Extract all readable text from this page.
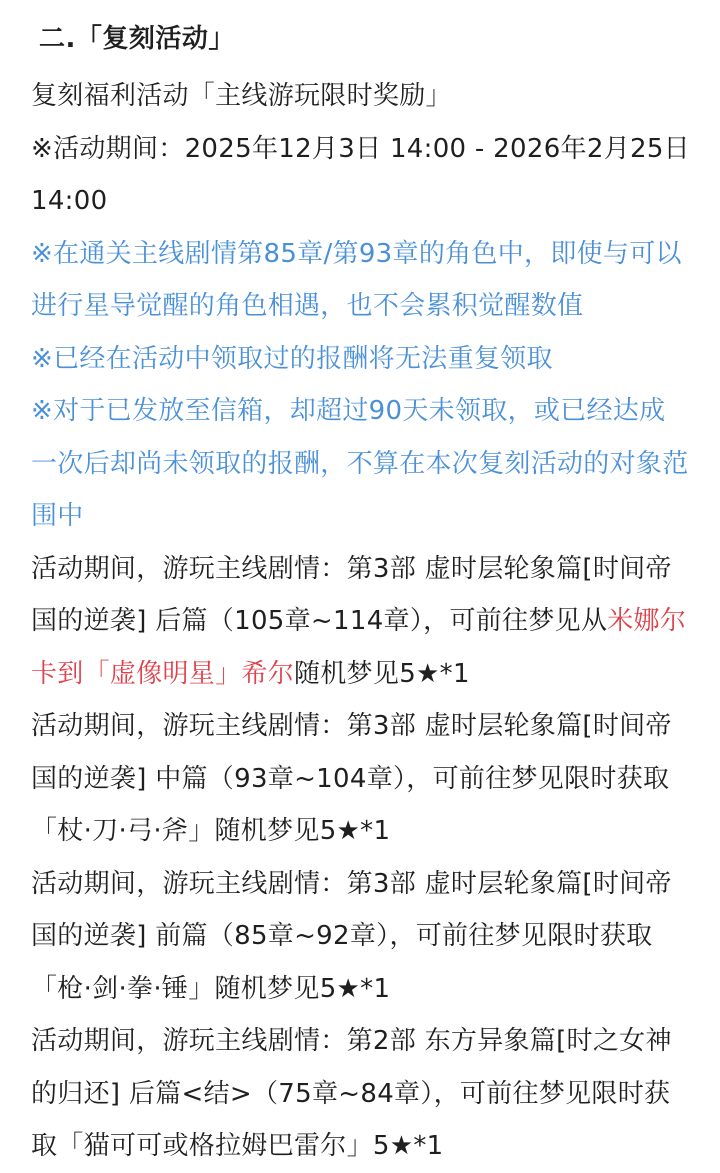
二.「复刻活动」

复刻福利活动「主线游玩限时奖励」

※活动期间：2025年12月3日 14:00 - 2026年2月25日 14:00

※在通关主线剧情第85章/第93章的角色中，即使与可以进行星导觉醒的角色相遇，也不会累积觉醒数值

※已经在活动中领取过的报酬将无法重复领取

※对于已发放至信箱，却超过90天未领取，或已经达成一次后却尚未领取的报酬，不算在本次复刻活动的对象范围中

活动期间，游玩主线剧情：第3部 虚时层轮象篇[时间帝国的逆袭] 后篇（105章~114章），可前往梦见从米娜尔卡到「虚像明星」希尔随机梦见5★*1

活动期间，游玩主线剧情：第3部 虚时层轮象篇[时间帝国的逆袭] 中篇（93章~104章），可前往梦见限时获取「杖·刀·弓·斧」随机梦见5★*1

活动期间，游玩主线剧情：第3部 虚时层轮象篇[时间帝国的逆袭] 前篇（85章~92章），可前往梦见限时获取「枪·剑·拳·锤」随机梦见5★*1

活动期间，游玩主线剧情：第2部 东方异象篇[时之女神的归还] 后篇<结>（75章~84章），可前往梦见限时获取「猫可可或格拉姆巴雷尔」5★*1
